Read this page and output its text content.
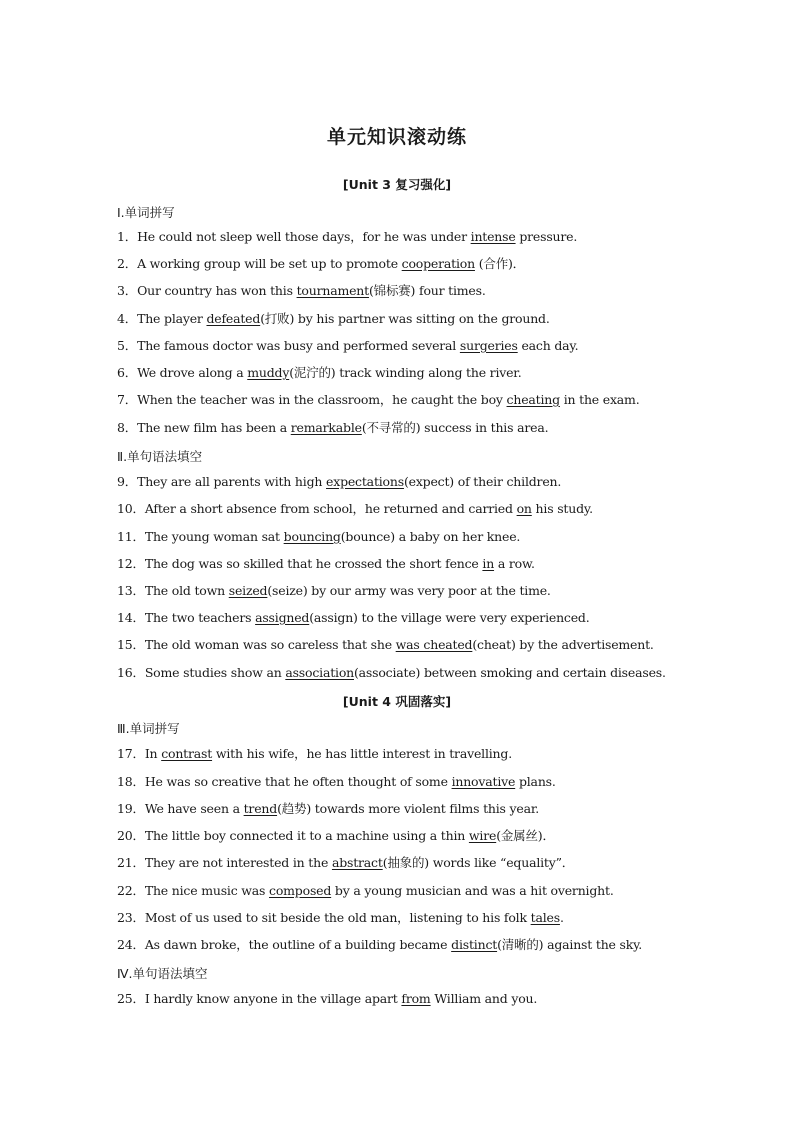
单元知识滚动练
[Unit 3 复习强化]
Ⅰ.单词拼写
1．He could not sleep well those days，for he was under intense pressure.
2．A working group will be set up to promote cooperation (合作)．
3．Our country has won this tournament(锦标赛) four times.
4．The player defeated(打败) by his partner was sitting on the ground.
5．The famous doctor was busy and performed several surgeries each day.
6．We drove along a muddy(泥泞的) track winding along the river.
7．When the teacher was in the classroom，he caught the boy cheating in the exam.
8．The new film has been a remarkable(不寻常的) success in this area.
Ⅱ.单句语法填空
9．They are all parents with high expectations(expect) of their children.
10．After a short absence from school，he returned and carried on his study.
11．The young woman sat bouncing(bounce) a baby on her knee.
12．The dog was so skilled that he crossed the short fence in a row.
13．The old town seized(seize) by our army was very poor at the time.
14．The two teachers assigned(assign) to the village were very experienced.
15．The old woman was so careless that she was cheated(cheat) by the advertisement.
16．Some studies show an association(associate) between smoking and certain diseases.
[Unit 4 巩固落实]
Ⅲ.单词拼写
17．In contrast with his wife，he has little interest in travelling.
18．He was so creative that he often thought of some innovative plans.
19．We have seen a trend(趋势) towards more violent films this year.
20．The little boy connected it to a machine using a thin wire(金属丝)．
21．They are not interested in the abstract(抽象的) words like “equality”．
22．The nice music was composed by a young musician and was a hit overnight.
23．Most of us used to sit beside the old man，listening to his folk tales.
24．As dawn broke，the outline of a building became distinct(清晰的) against the sky.
Ⅳ.单句语法填空
25．I hardly know anyone in the village apart from William and you.
